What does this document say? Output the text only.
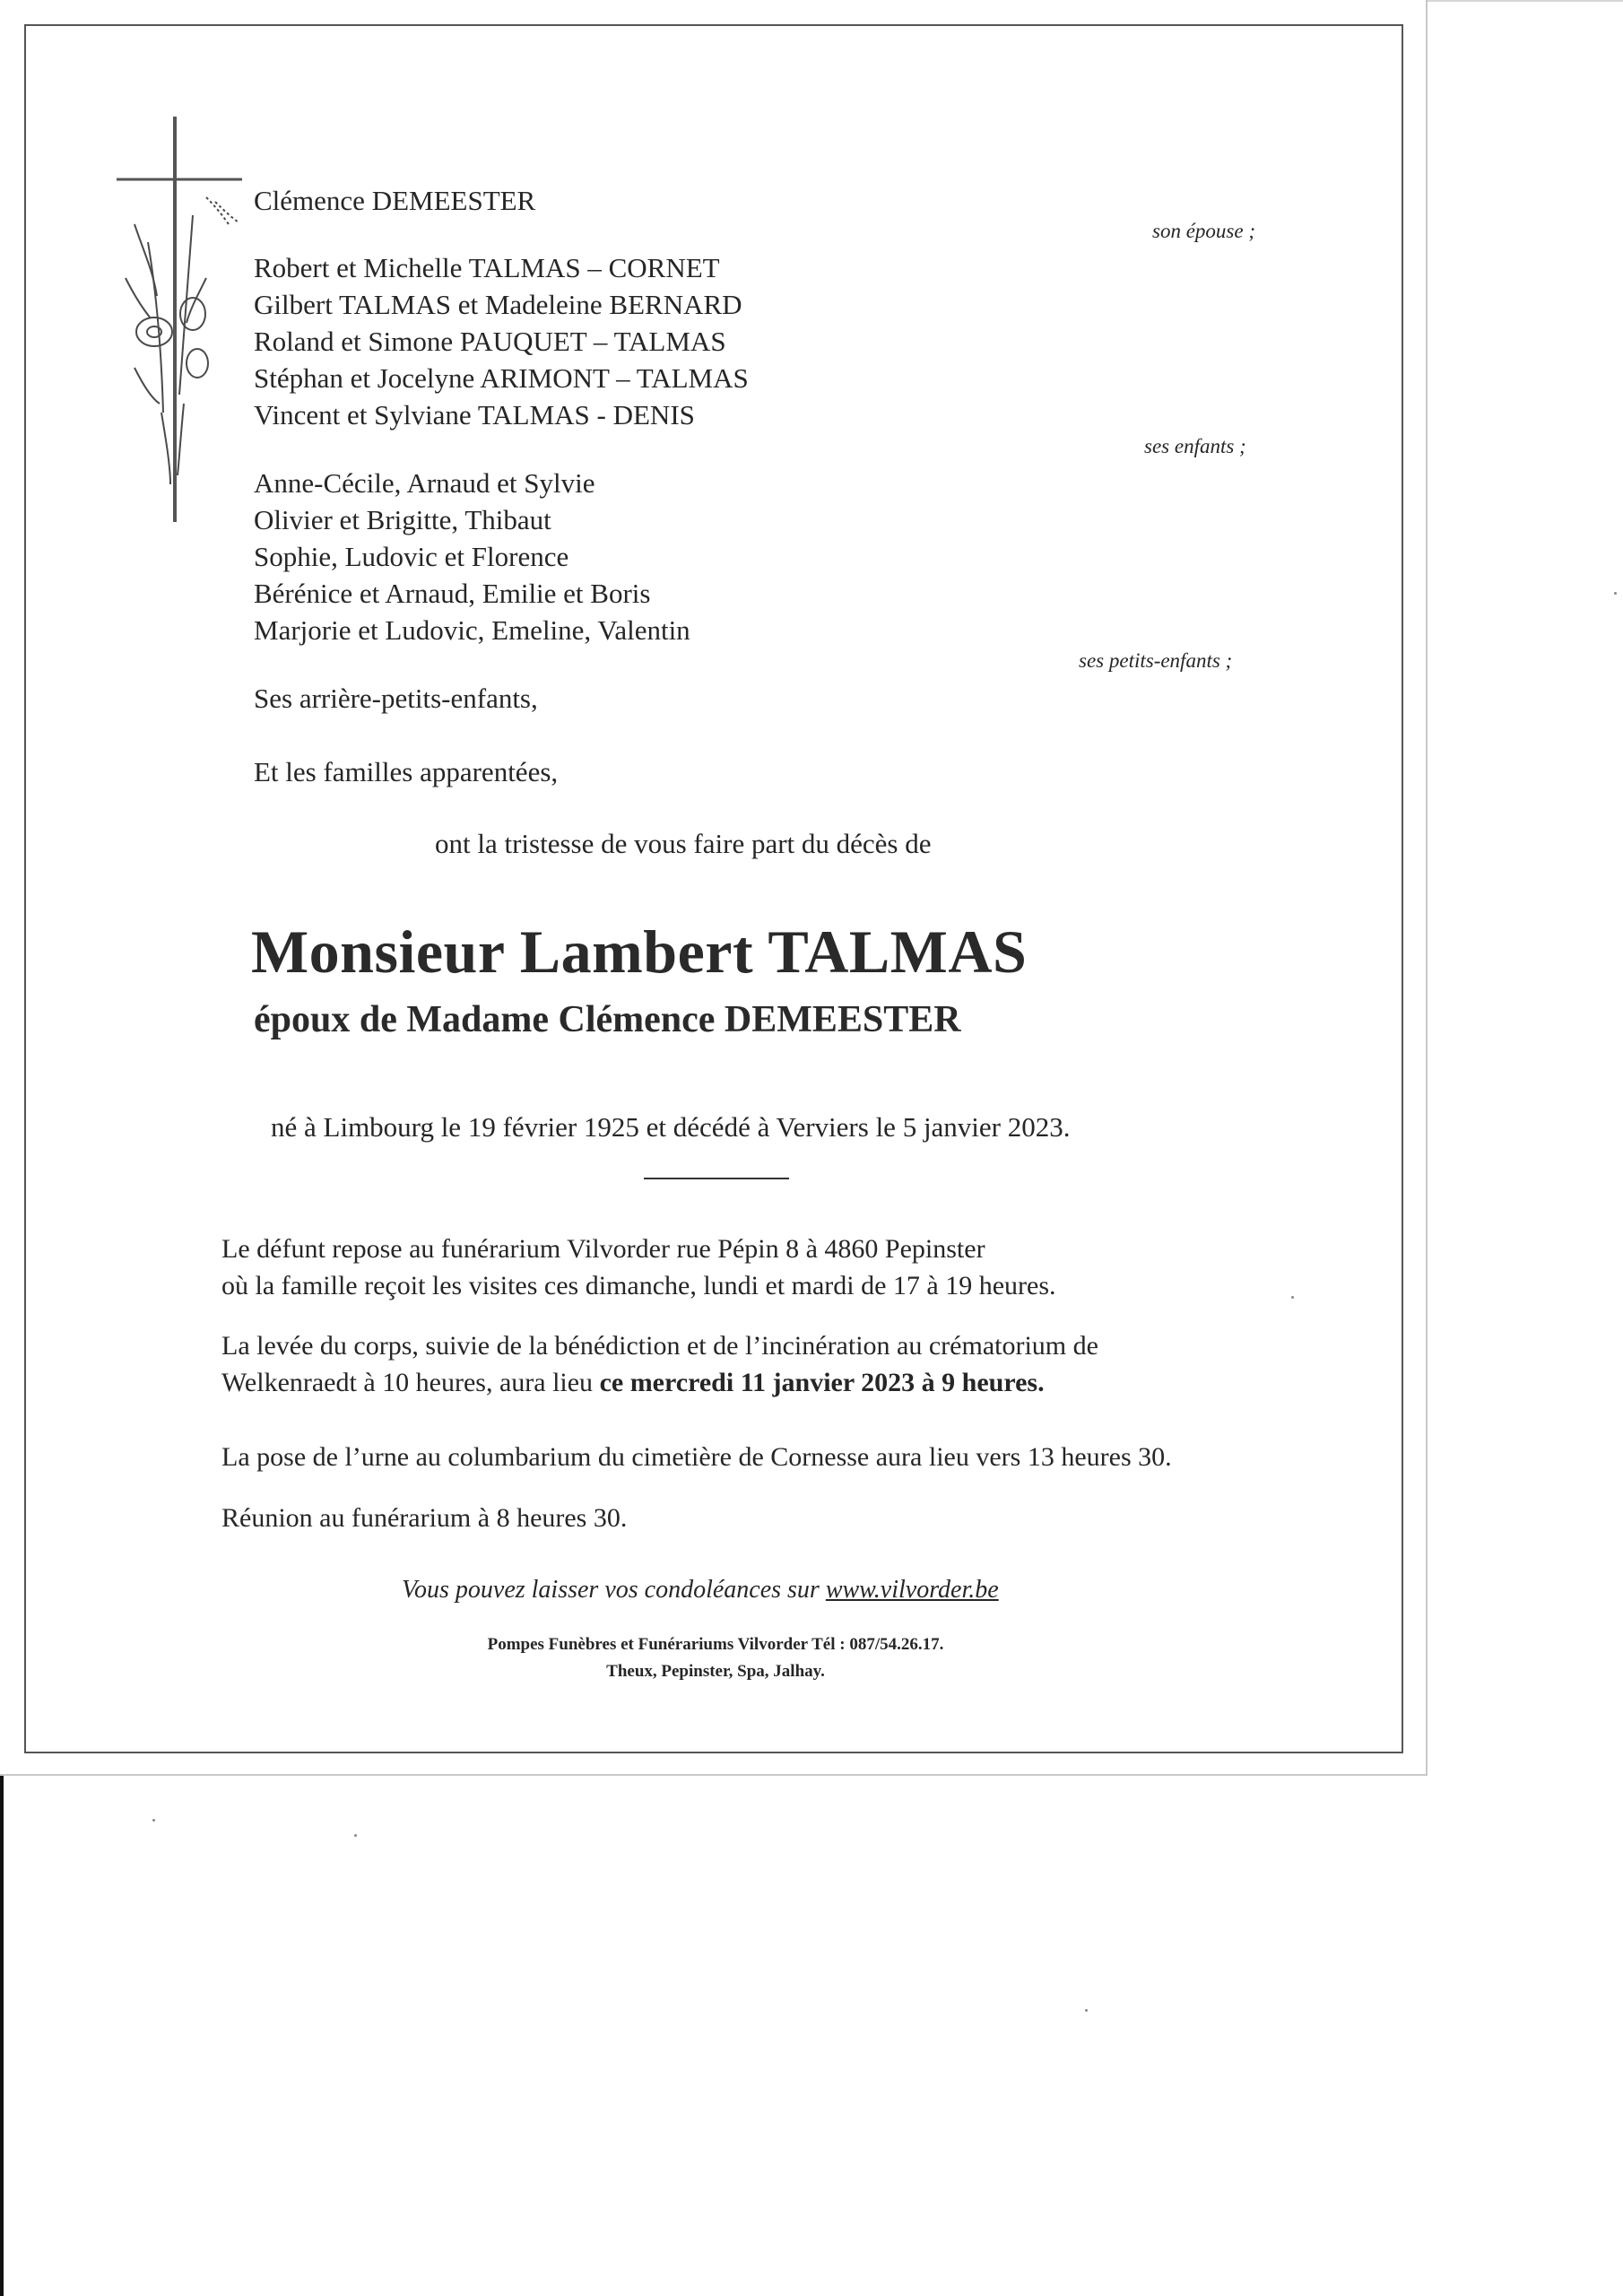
Clémence DEMEESTER
son épouse ;
Robert et Michelle TALMAS – CORNET
Gilbert TALMAS et Madeleine BERNARD
Roland et Simone PAUQUET – TALMAS
Stéphan et Jocelyne ARIMONT – TALMAS
Vincent et Sylviane TALMAS - DENIS
ses enfants ;
Anne-Cécile, Arnaud et Sylvie
Olivier et Brigitte, Thibaut
Sophie, Ludovic et Florence
Bérénice et Arnaud, Emilie et Boris
Marjorie et Ludovic, Emeline, Valentin
ses petits-enfants ;
Ses arrière-petits-enfants,
Et les familles apparentées,
ont la tristesse de vous faire part du décès de
Monsieur Lambert TALMAS
époux de Madame Clémence DEMEESTER
né à Limbourg le 19 février 1925 et décédé à Verviers le 5 janvier 2023.
Le défunt repose au funérarium Vilvorder rue Pépin 8 à 4860 Pepinster
où la famille reçoit les visites ces dimanche, lundi et mardi de 17 à 19 heures.
La levée du corps, suivie de la bénédiction et de l’incinération au crématorium de
Welkenraedt à 10 heures, aura lieu ce mercredi 11 janvier 2023 à 9 heures.
La pose de l’urne au columbarium du cimetière de Cornesse aura lieu vers 13 heures 30.
Réunion au funérarium à 8 heures 30.
Vous pouvez laisser vos condoléances sur www.vilvorder.be
Pompes Funèbres et Funérariums Vilvorder Tél : 087/54.26.17.
Theux, Pepinster, Spa, Jalhay.
